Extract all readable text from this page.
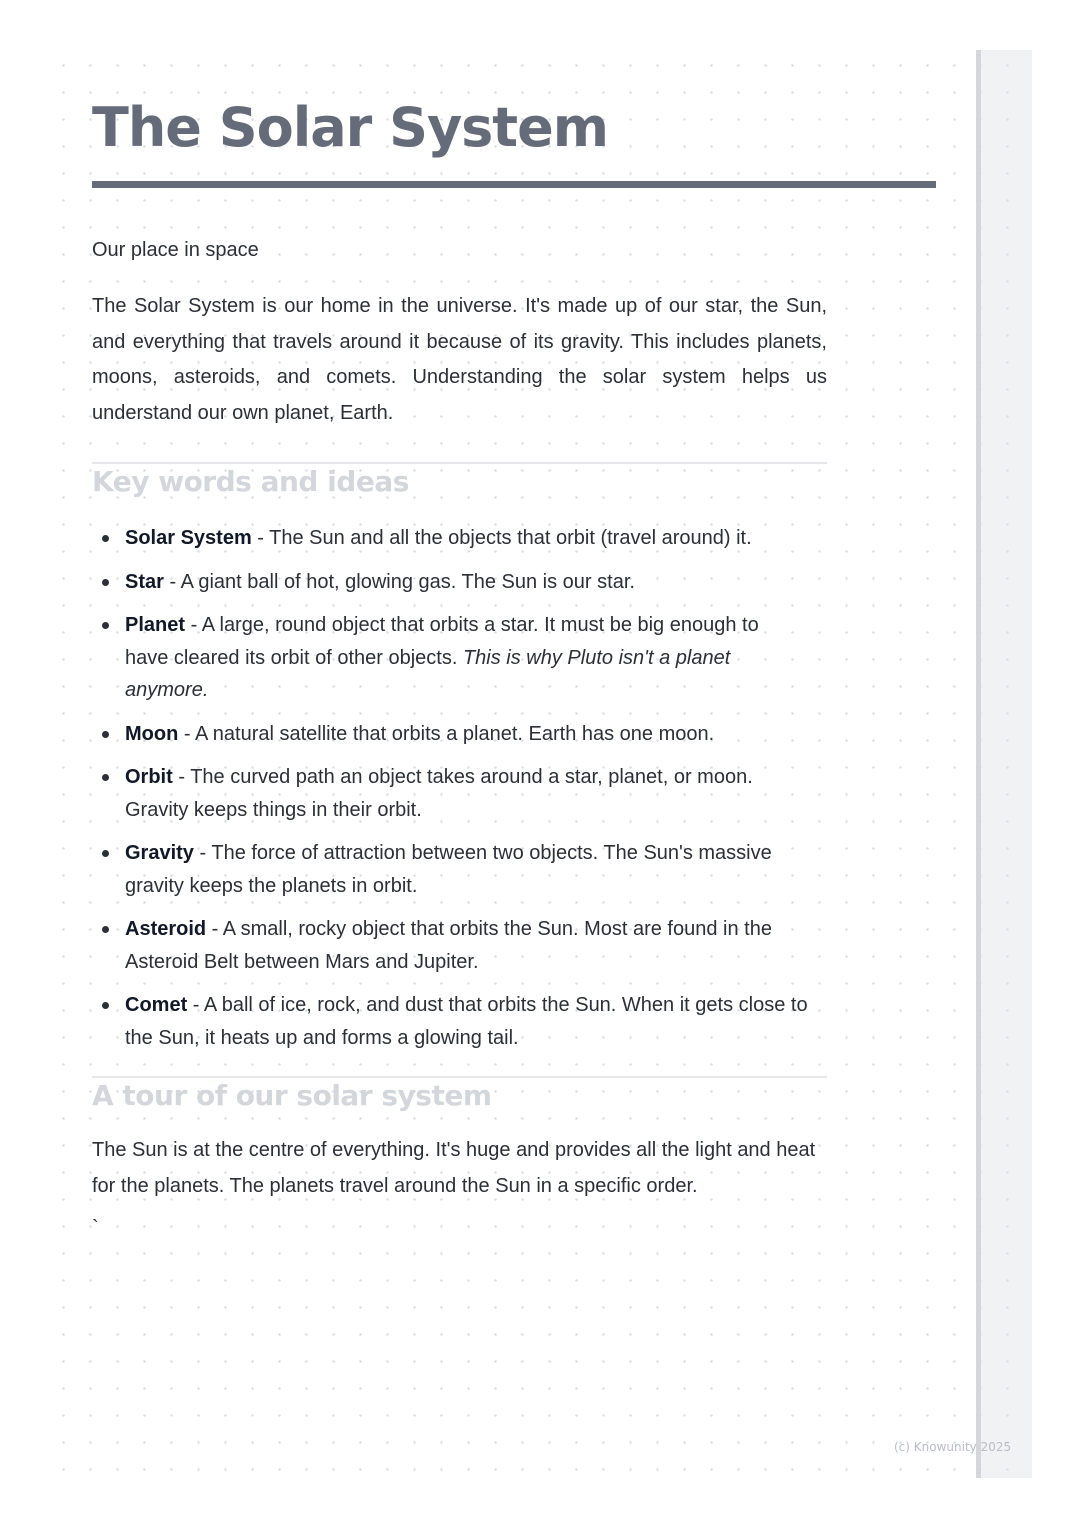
The Solar System
Our place in space

The Solar System is our home in the universe. It's made up of our star, the Sun, and everything that travels around it because of its gravity. This includes planets, moons, asteroids, and comets. Understanding the solar system helps us understand our own planet, Earth.

Key words and ideas
Solar System - The Sun and all the objects that orbit (travel around) it.
Star - A giant ball of hot, glowing gas. The Sun is our star.
Planet - A large, round object that orbits a star. It must be big enough to have cleared its orbit of other objects. This is why Pluto isn't a planet anymore.
Moon - A natural satellite that orbits a planet. Earth has one moon.
Orbit - The curved path an object takes around a star, planet, or moon. Gravity keeps things in their orbit.
Gravity - The force of attraction between two objects. The Sun's massive gravity keeps the planets in orbit.
Asteroid - A small, rocky object that orbits the Sun. Most are found in the Asteroid Belt between Mars and Jupiter.
Comet - A ball of ice, rock, and dust that orbits the Sun. When it gets close to the Sun, it heats up and forms a glowing tail.
A tour of our solar system

The Sun is at the centre of everything. It's huge and provides all the light and heat for the planets. The planets travel around the Sun in a specific order.

`
(c) Knowunity 2025
